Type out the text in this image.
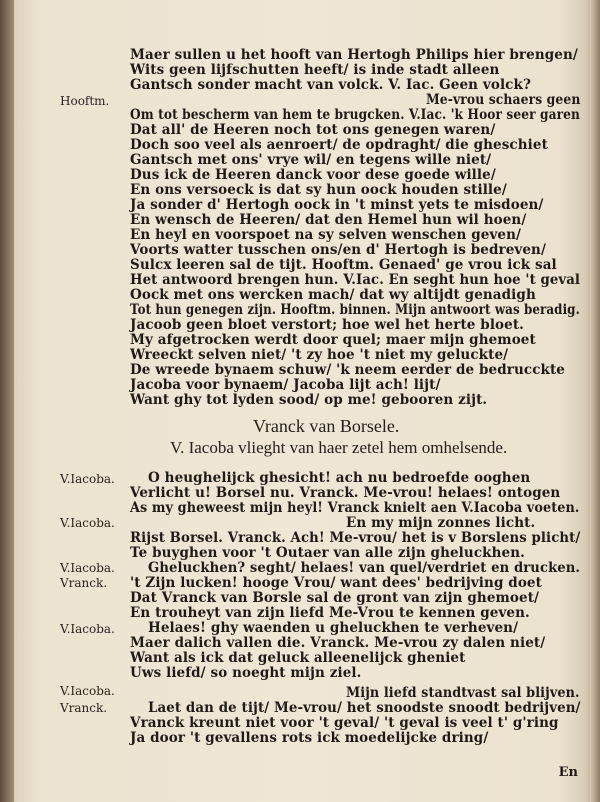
Vranck van Borsele.
V. Iacoba vlieght van haer zetel hem omhelsende.
En
Maer sullen u het hooft van Hertogh Philips hier brengen/
Wits geen lijfschutten heeft/ is inde stadt alleen
Gantsch sonder macht van volck. V. Iac. Geen volck?
Me-vrou schaers geen
Om tot bescherm van hem te brugcken. V.Iac. 'k Hoor seer garen
Dat all' de Heeren noch tot ons genegen waren/
Doch soo veel als aenroert/ de opdraght/ die gheschiet
Gantsch met ons' vrye wil/ en tegens wille niet/
Dus ick de Heeren danck voor dese goede wille/
En ons versoeck is dat sy hun oock houden stille/
Ja sonder d' Hertogh oock in 't minst yets te misdoen/
En wensch de Heeren/ dat den Hemel hun wil hoen/
En heyl en voorspoet na sy selven wenschen geven/
Voorts watter tusschen ons/en d' Hertogh is bedreven/
Sulcx leeren sal de tijt. Hooftm. Genaed' ge vrou ick sal
Het antwoord brengen hun. V.Iac. En seght hun hoe 't geval
Oock met ons wercken mach/ dat wy altijdt genadigh
Tot hun genegen zijn. Hooftm. binnen. Mijn antwoort was beradig.
Jacoob geen bloet verstort; hoe wel het herte bloet.
My afgetrocken werdt door quel; maer mijn ghemoet
Wreeckt selven niet/ 't zy hoe 't niet my geluckte/
De wreede bynaem schuw/ 'k neem eerder de bedrucckte
Jacoba voor bynaem/ Jacoba lijt ach! lijt/
Want ghy tot lyden sood/ op me! gebooren zijt.
O heughelijck ghesicht! ach nu bedroefde ooghen
Verlicht u! Borsel nu. Vranck. Me-vrou! helaes! ontogen
As my gheweest mijn heyl! Vranck knielt aen V.Iacoba voeten.
En my mijn zonnes licht.
Rijst Borsel. Vranck. Ach! Me-vrou/ het is v Borslens plicht/
Te buyghen voor 't Outaer van alle zijn gheluckhen.
Gheluckhen? seght/ helaes! van quel/verdriet en drucken.
't Zijn lucken! hooge Vrou/ want dees' bedrijving doet
Dat Vranck van Borsle sal de gront van zijn ghemoet/
En trouheyt van zijn liefd Me-Vrou te kennen geven.
Helaes! ghy waenden u gheluckhen te verheven/
Maer dalich vallen die. Vranck. Me-vrou zy dalen niet/
Want als ick dat geluck alleenelijck gheniet
Uws liefd/ so noeght mijn ziel.
Mijn liefd standtvast sal blijven.
Laet dan de tijt/ Me-vrou/ het snoodste snoodt bedrijven/
Vranck kreunt niet voor 't geval/ 't geval is veel t' g'ring
Ja door 't gevallens rots ick moedelijcke dring/
Hooftm.
V.Iacoba.
V.Iacoba.
V.Iacoba.
Vranck.
V.Iacoba.
V.Iacoba.
Vranck.
